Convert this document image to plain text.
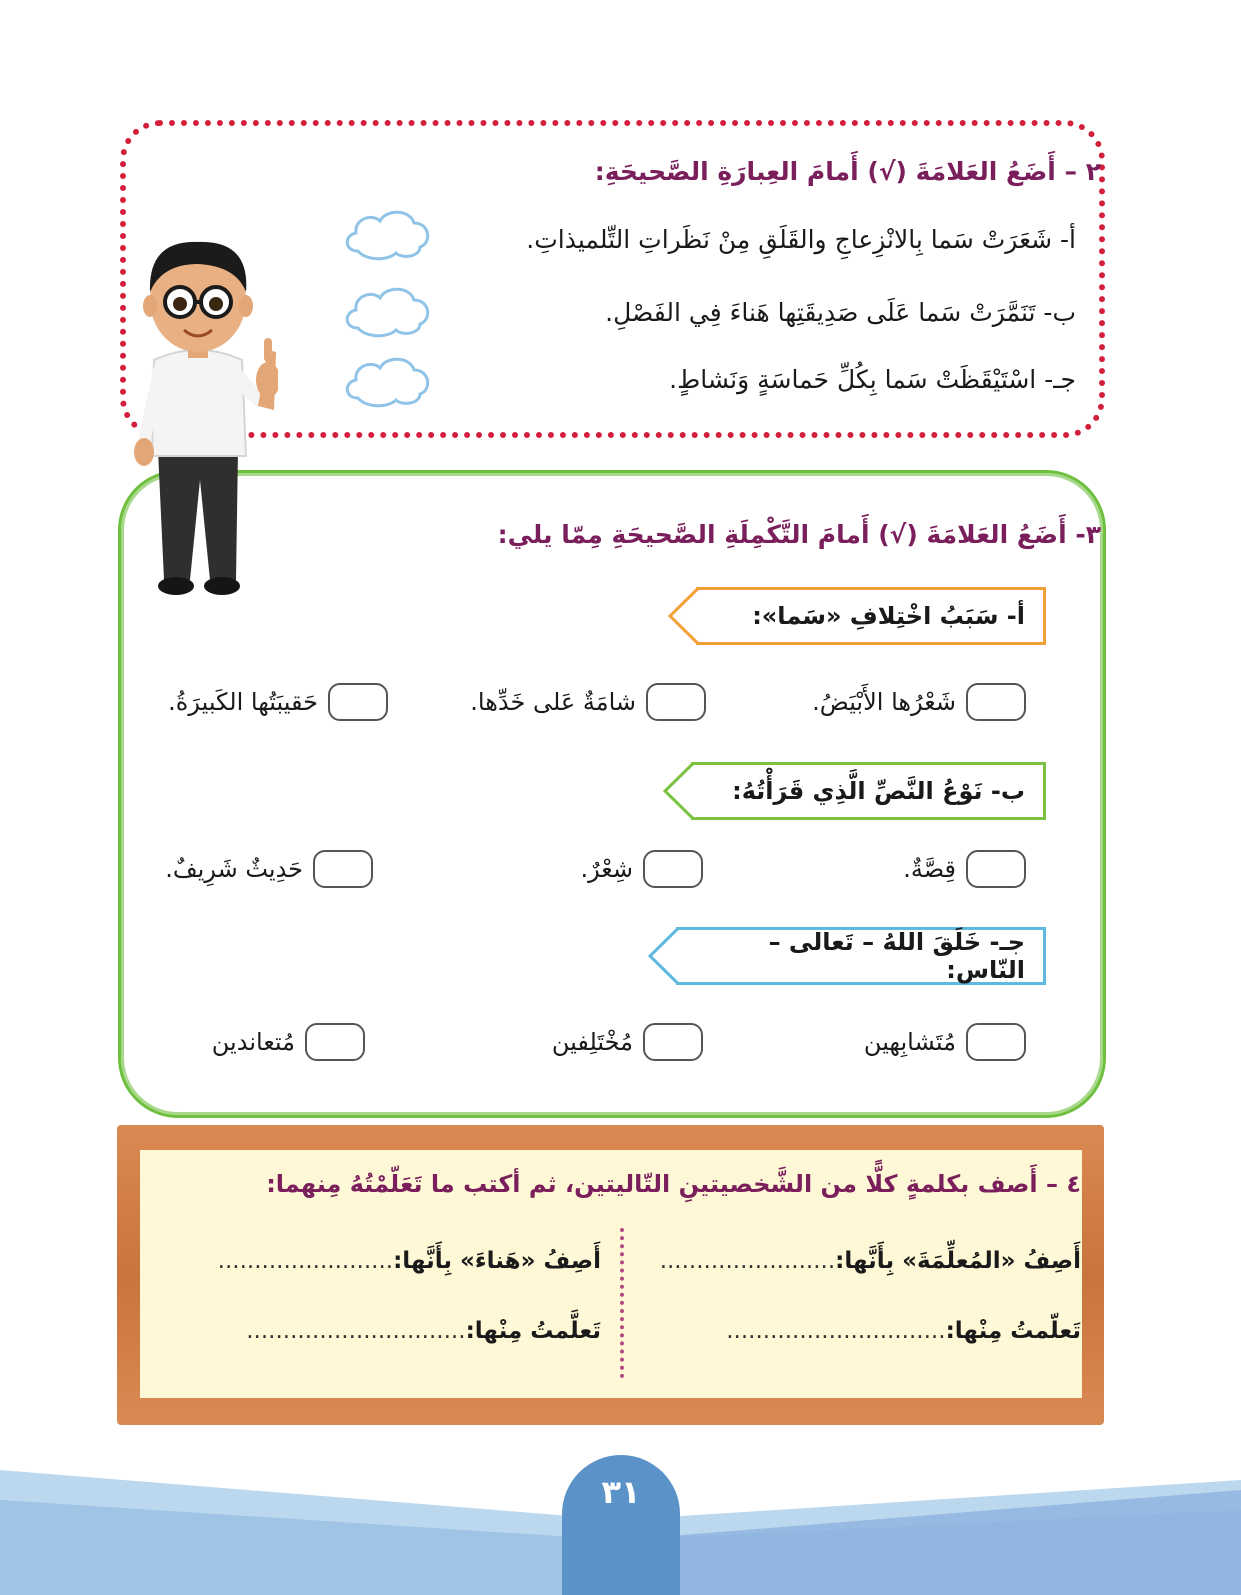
٢ – أَضَعُ العَلامَةَ (√) أَمامَ العِبارَةِ الصَّحيحَةِ:
أ- شَعَرَتْ سَما بِالانْزِعاجِ والقَلَقِ مِنْ نَظَراتِ التِّلميذاتِ.
ب- تَنَمَّرَتْ سَما عَلَى صَدِيقَتِها هَناءَ فِي الفَصْلِ.
جـ- اسْتَيْقَظَتْ سَما بِكُلِّ حَماسَةٍ وَنَشاطٍ.
٣- أَضَعُ العَلامَةَ (√) أَمامَ التَّكْمِلَةِ الصَّحيحَةِ مِمّا يلي:
أ- سَبَبُ اخْتِلافِ «سَما»:
شَعْرُها الأَبْيَضُ.
شامَةٌ عَلى خَدِّها.
حَقيبَتُها الكَبيرَةُ.
ب- نَوْعُ النَّصِّ الَّذِي قَرَأْتُهُ:
قِصَّةٌ.
شِعْرٌ.
حَدِيثٌ شَرِيفٌ.
جـ- خَلَقَ اللهُ – تَعالى – النّاس:
مُتَشابِهين
مُخْتَلِفين
مُتعاندين
٤ – أَصف بكلمةٍ كلًّا من الشَّخصيتينِ التّاليتين، ثم أكتب ما تَعَلّمْتُهُ مِنهما:
أَصِفُ «المُعلِّمَةَ» بِأَنَّها:........................
تَعلّمتُ مِنْها:..............................
أَصِفُ «هَناءَ» بِأَنَّها:........................
تَعلَّمتُ مِنْها:..............................
٣١
